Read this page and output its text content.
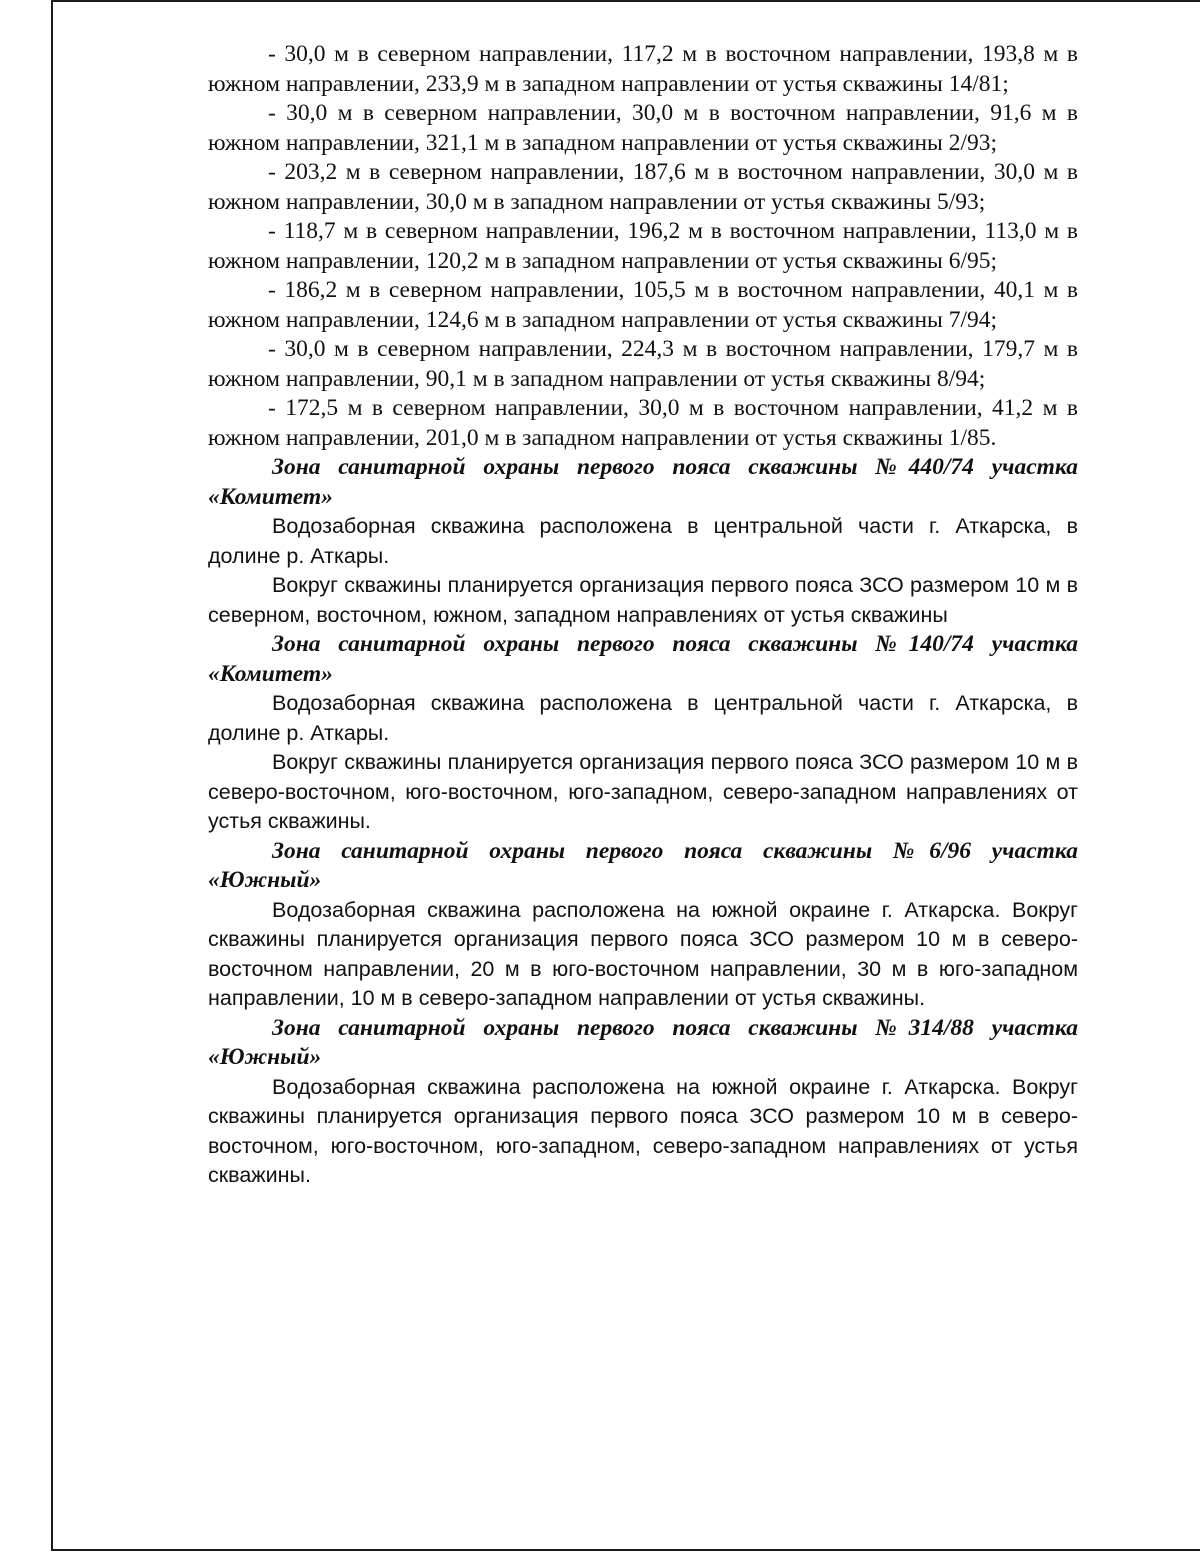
- 30,0 м в северном направлении, 117,2 м в восточном направлении, 193,8 м в южном направлении, 233,9 м в западном направлении от устья скважины 14/81;

- 30,0 м в северном направлении, 30,0 м в восточном направлении, 91,6 м в южном направлении, 321,1 м в западном направлении от устья скважины 2/93;

- 203,2 м в северном направлении, 187,6 м в восточном направлении, 30,0 м в южном направлении, 30,0 м в западном направлении от устья скважины 5/93;

- 118,7 м в северном направлении, 196,2 м в восточном направлении, 113,0 м в южном направлении, 120,2 м в западном направлении от устья скважины 6/95;

- 186,2 м в северном направлении, 105,5 м в восточном направлении, 40,1 м в южном направлении, 124,6 м в западном направлении от устья скважины 7/94;

- 30,0 м в северном направлении, 224,3 м в восточном направлении, 179,7 м в южном направлении, 90,1 м в западном направлении от устья скважины 8/94;

- 172,5 м в северном направлении, 30,0 м в восточном направлении, 41,2 м в южном направлении, 201,0 м в западном направлении от устья скважины 1/85.

Зона санитарной охраны первого пояса скважины №440/74 участка «Комитет»

Водозаборная скважина расположена в центральной части г. Аткарска, в долине р. Аткары.

Вокруг скважины планируется организация первого пояса ЗСО размером 10 м в северном, восточном, южном, западном направлениях от устья скважины

Зона санитарной охраны первого пояса скважины №140/74 участка «Комитет»

Водозаборная скважина расположена в центральной части г. Аткарска, в долине р. Аткары.

Вокруг скважины планируется организация первого пояса ЗСО размером 10 м в северо-восточном, юго-восточном, юго-западном, северо-западном направлениях от устья скважины.

Зона санитарной охраны первого пояса скважины №6/96 участка «Южный»

Водозаборная скважина расположена на южной окраине г. Аткарска. Вокруг скважины планируется организация первого пояса ЗСО размером 10 м в северо-восточном направлении, 20 м в юго-восточном направлении, 30 м в юго-западном направлении, 10 м в северо-западном направлении от устья скважины.

Зона санитарной охраны первого пояса скважины №314/88 участка «Южный»

Водозаборная скважина расположена на южной окраине г. Аткарска. Вокруг скважины планируется организация первого пояса ЗСО размером 10 м в северо-восточном, юго-восточном, юго-западном, северо-западном направлениях от устья скважины.
